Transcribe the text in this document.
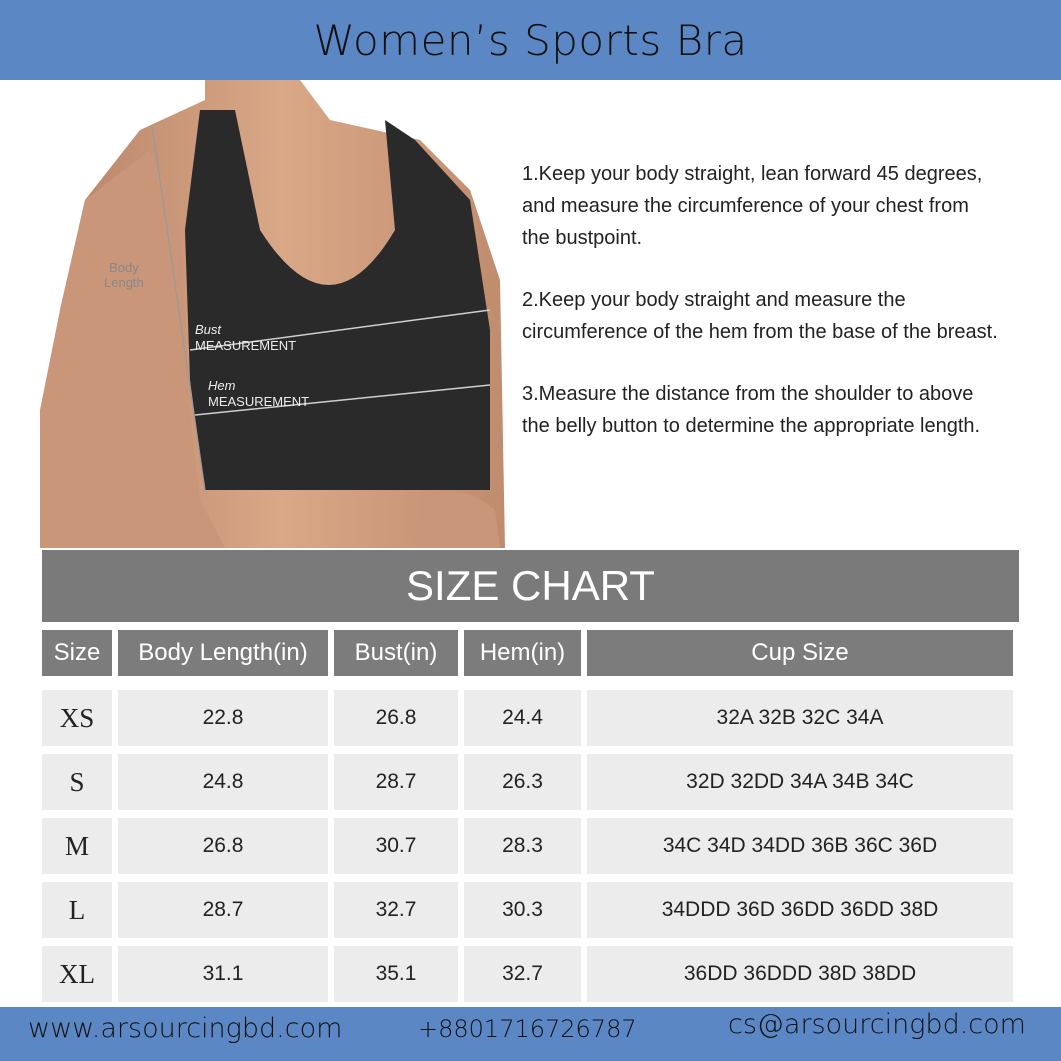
Women’s Sports Bra
Body
Length
Bust
MEASUREMENT
Hem
MEASUREMENT

1.Keep your body straight, lean forward 45 degrees, and measure the circumference of your chest from the bustpoint.

2.Keep your body straight and measure the circumference of the hem from the base of the breast.

3.Measure the distance from the shoulder to above the belly button to determine the appropriate length.

SIZE CHART
Size	Body Length(in)	Bust(in)	Hem(in)	Cup Size
XS	22.8	26.8	24.4	32A 32B 32C 34A
S	24.8	28.7	26.3	32D 32DD 34A 34B 34C
M	26.8	30.7	28.3	34C 34D 34DD 36B 36C 36D
L	28.7	32.7	30.3	34DDD 36D 36DD 36DD 38D
XL	31.1	35.1	32.7	36DD 36DDD 38D 38DD
www.arsourcingbd.com	+8801716726787	cs@arsourcingbd.com
